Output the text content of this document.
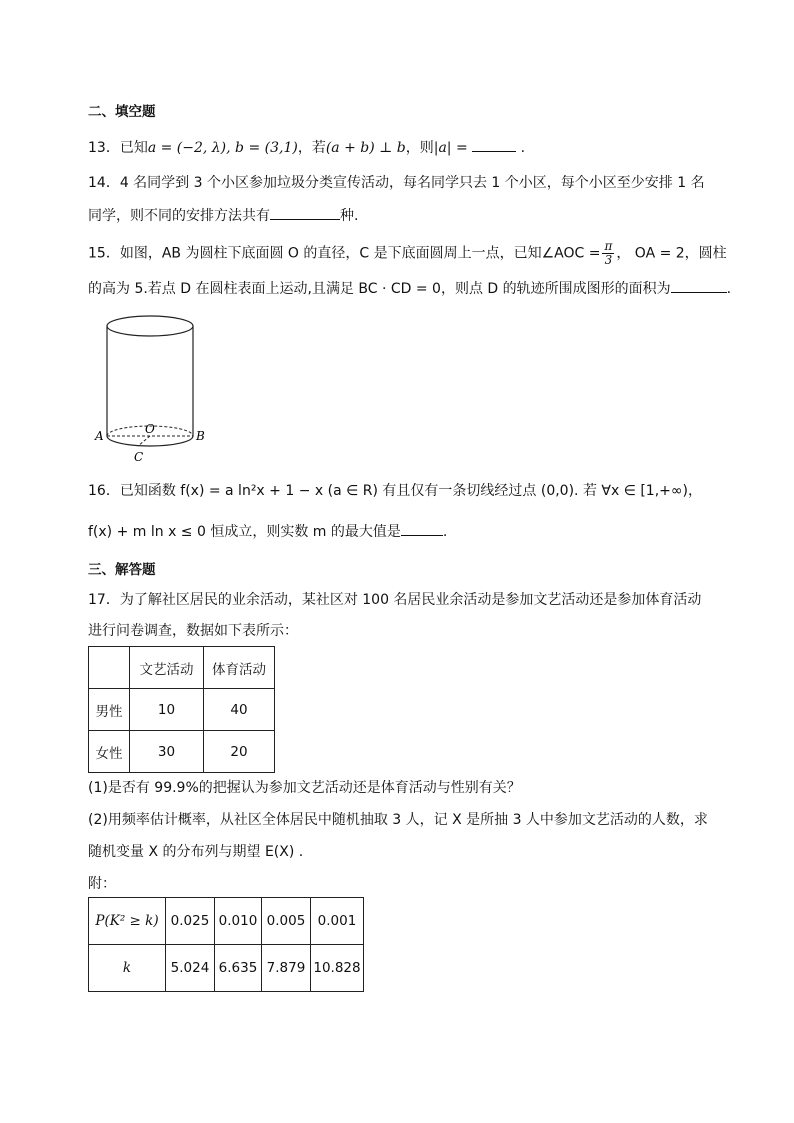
二、填空题
13．已知a = (−2, λ), b = (3,1)，若(a + b) ⊥ b，则|a| =	.
14．4 名同学到 3 个小区参加垃圾分类宣传活动，每名同学只去 1 个小区，每个小区至少安排 1 名
同学，则不同的安排方法共有	种.
15．如图，AB 为圆柱下底面圆 O 的直径，C 是下底面圆周上一点，已知∠AOC = $\frac{\pi}{3}$ ， OA = 2，圆柱
的高为 5.若点 D 在圆柱表面上运动,且满足 BC · CD = 0，则点 D 的轨迹所围成图形的面积为	.
A	B
O
C
16．已知函数 f(x) = a ln²x + 1 − x (a ∈ R) 有且仅有一条切线经过点 (0,0). 若 ∀x ∈ [1,+∞)，
f(x) + m ln x ≤ 0 恒成立，则实数 m 的最大值是	.
三、解答题
17．为了解社区居民的业余活动，某社区对 100 名居民业余活动是参加文艺活动还是参加体育活动
进行问卷调查，数据如下表所示：
	文艺活动	体育活动
男性	10	40
女性	30	20
(1)是否有 99.9%的把握认为参加文艺活动还是体育活动与性别有关？
(2)用频率估计概率，从社区全体居民中随机抽取 3 人，记 X 是所抽 3 人中参加文艺活动的人数，求
随机变量 X 的分布列与期望 E(X) .
附：
P(K² ≥ k)	0.025	0.010	0.005	0.001
k	5.024	6.635	7.879	10.828
